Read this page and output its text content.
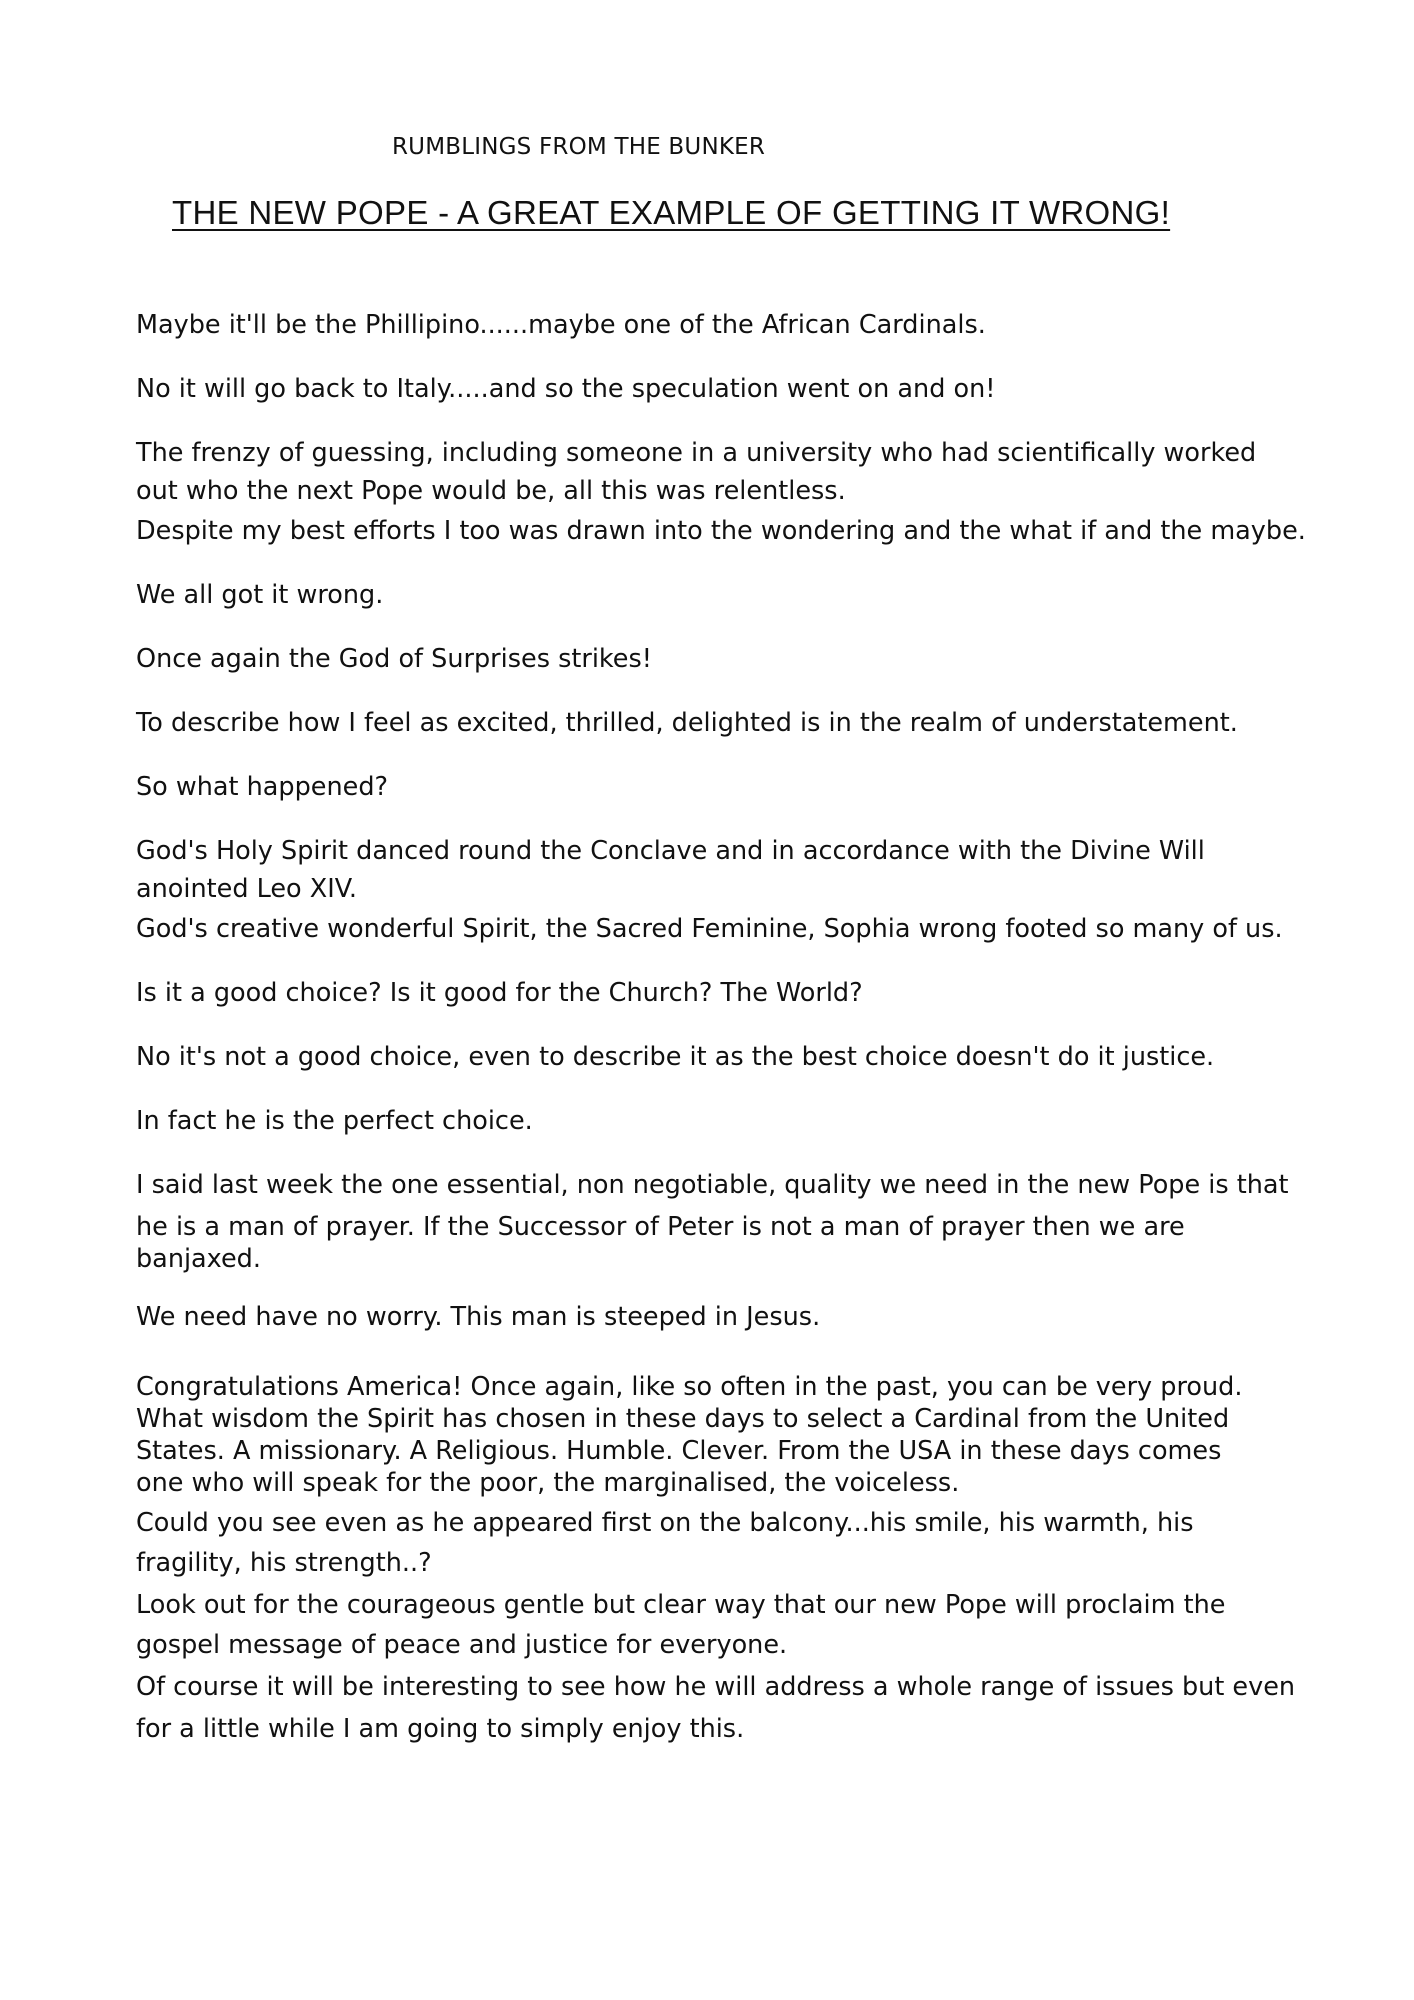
RUMBLINGS FROM THE BUNKER
THE NEW POPE - A GREAT EXAMPLE OF GETTING IT WRONG!

Maybe it'll be the Phillipino......maybe one of the African Cardinals.

No it will go back to Italy.....and so the speculation went on and on!

The frenzy of guessing, including someone in a university who had scientifically worked

out who the next Pope would be, all this was relentless.

Despite my best efforts I too was drawn into the wondering and the what if and the maybe.

We all got it wrong.

Once again the God of Surprises strikes!

To describe how I feel as excited, thrilled, delighted is in the realm of understatement.

So what happened?

God's Holy Spirit danced round the Conclave and in accordance with the Divine Will

anointed Leo XIV.

God's creative wonderful Spirit, the Sacred Feminine, Sophia wrong footed so many of us.

Is it a good choice? Is it good for the Church? The World?

No it's not a good choice, even to describe it as the best choice doesn't do it justice.

In fact he is the perfect choice.

I said last week the one essential, non negotiable, quality we need in the new Pope is that

he is a man of prayer. If the Successor of Peter is not a man of prayer then we are

banjaxed.

We need have no worry. This man is steeped in Jesus.

Congratulations America! Once again, like so often in the past, you can be very proud.

What wisdom the Spirit has chosen in these days to select a Cardinal from the United

States. A missionary. A Religious. Humble. Clever. From the USA in these days comes

one who will speak for the poor, the marginalised, the voiceless.

Could you see even as he appeared first on the balcony...his smile, his warmth, his

fragility, his strength..?

Look out for the courageous gentle but clear way that our new Pope will proclaim the

gospel message of peace and justice for everyone.

Of course it will be interesting to see how he will address a whole range of issues but even

for a little while I am going to simply enjoy this.
